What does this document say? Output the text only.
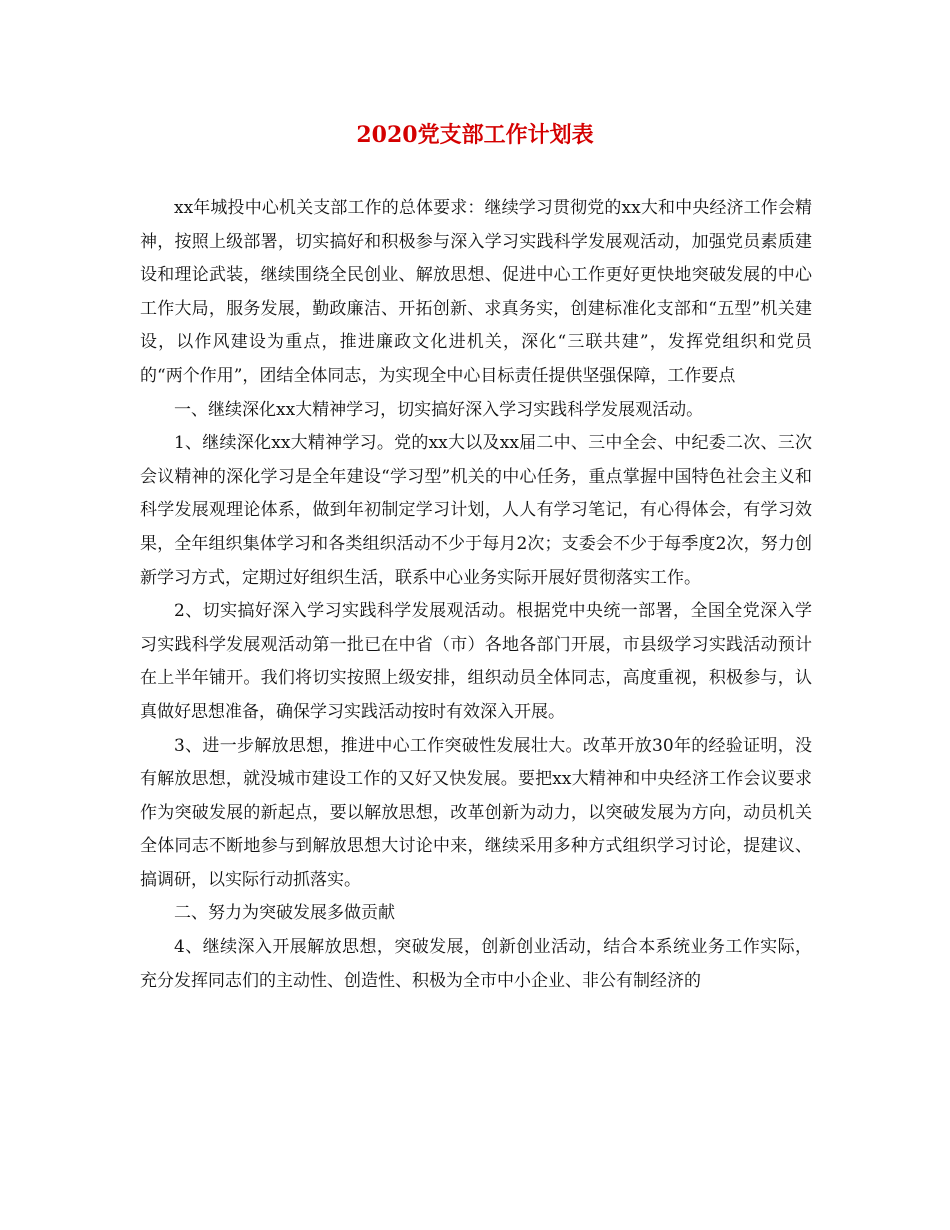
2020党支部工作计划表

xx年城投中心机关支部工作的总体要求：继续学习贯彻党的xx大和中央经济工作会精神，按照上级部署，切实搞好和积极参与深入学习实践科学发展观活动，加强党员素质建设和理论武装，继续围绕全民创业、解放思想、促进中心工作更好更快地突破发展的中心工作大局，服务发展，勤政廉洁、开拓创新、求真务实，创建标准化支部和“五型”机关建设，以作风建设为重点，推进廉政文化进机关，深化“三联共建”，发挥党组织和党员的“两个作用”，团结全体同志，为实现全中心目标责任提供坚强保障，工作要点

一、继续深化xx大精神学习，切实搞好深入学习实践科学发展观活动。

1、继续深化xx大精神学习。党的xx大以及xx届二中、三中全会、中纪委二次、三次会议精神的深化学习是全年建设“学习型”机关的中心任务，重点掌握中国特色社会主义和科学发展观理论体系，做到年初制定学习计划，人人有学习笔记，有心得体会，有学习效果，全年组织集体学习和各类组织活动不少于每月2次；支委会不少于每季度2次，努力创新学习方式，定期过好组织生活，联系中心业务实际开展好贯彻落实工作。

2、切实搞好深入学习实践科学发展观活动。根据党中央统一部署，全国全党深入学习实践科学发展观活动第一批已在中省（市）各地各部门开展，市县级学习实践活动预计在上半年铺开。我们将切实按照上级安排，组织动员全体同志，高度重视，积极参与，认真做好思想准备，确保学习实践活动按时有效深入开展。

3、进一步解放思想，推进中心工作突破性发展壮大。改革开放30年的经验证明，没有解放思想，就没城市建设工作的又好又快发展。要把xx大精神和中央经济工作会议要求作为突破发展的新起点，要以解放思想，改革创新为动力，以突破发展为方向，动员机关全体同志不断地参与到解放思想大讨论中来，继续采用多种方式组织学习讨论，提建议、搞调研，以实际行动抓落实。

二、努力为突破发展多做贡献

4、继续深入开展解放思想，突破发展，创新创业活动，结合本系统业务工作实际，充分发挥同志们的主动性、创造性、积极为全市中小企业、非公有制经济的
